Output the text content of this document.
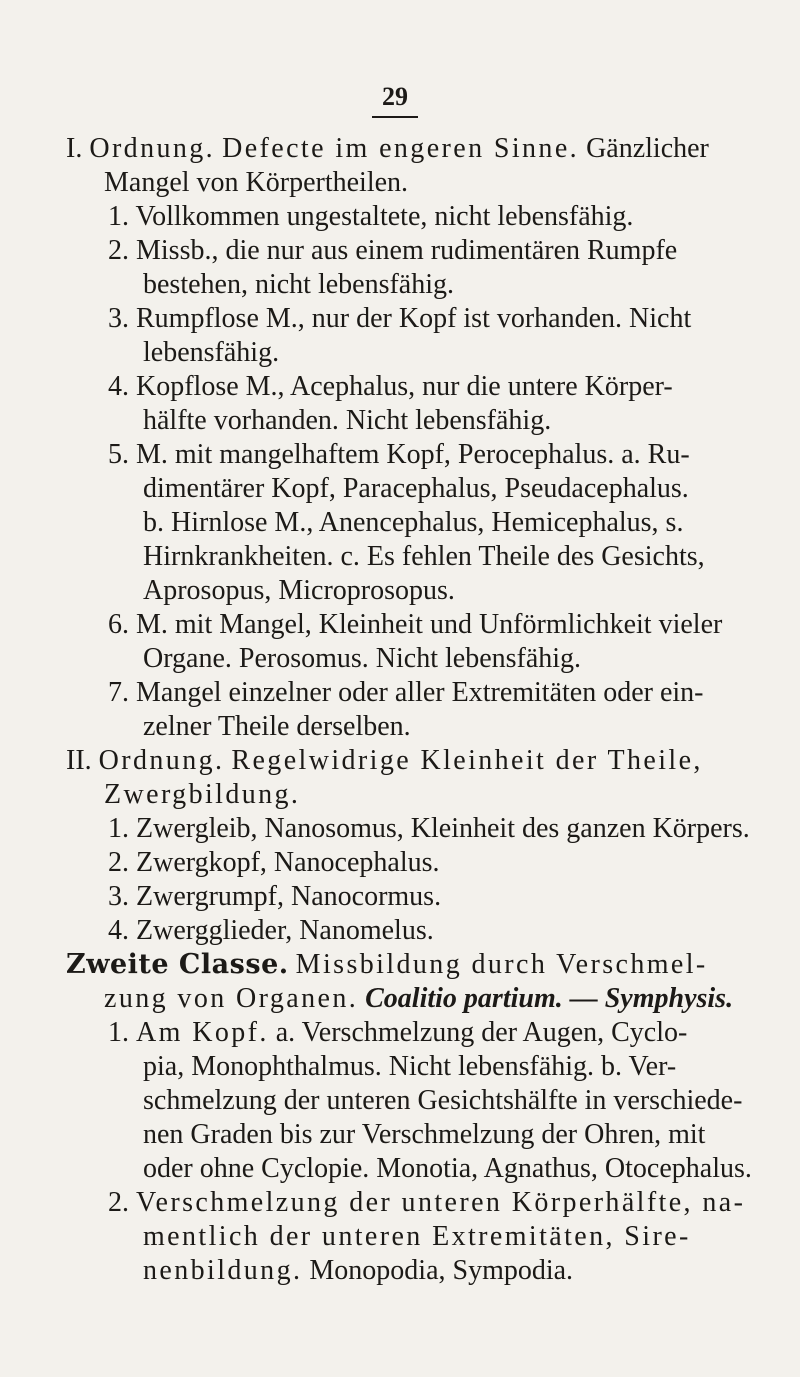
29
I. Ordnung. Defecte im engeren Sinne. Gänzlicher
Mangel von Körpertheilen.
1. Vollkommen ungestaltete, nicht lebensfähig.
2. Missb., die nur aus einem rudimentären Rumpfe
bestehen, nicht lebensfähig.
3. Rumpflose M., nur der Kopf ist vorhanden. Nicht
lebensfähig.
4. Kopflose M., Acephalus, nur die untere Körper-
hälfte vorhanden. Nicht lebensfähig.
5. M. mit mangelhaftem Kopf, Perocephalus. a. Ru-
dimentärer Kopf, Paracephalus, Pseudacephalus.
b. Hirnlose M., Anencephalus, Hemicephalus, s.
Hirnkrankheiten. c. Es fehlen Theile des Gesichts,
Aprosopus, Microprosopus.
6. M. mit Mangel, Kleinheit und Unförmlichkeit vieler
Organe. Perosomus. Nicht lebensfähig.
7. Mangel einzelner oder aller Extremitäten oder ein-
zelner Theile derselben.
II. Ordnung. Regelwidrige Kleinheit der Theile,
Zwergbildung.
1. Zwergleib, Nanosomus, Kleinheit des ganzen Körpers.
2. Zwergkopf, Nanocephalus.
3. Zwergrumpf, Nanocormus.
4. Zwergglieder, Nanomelus.
Zweite Classe. Missbildung durch Verschmel-
zung von Organen. Coalitio partium. — Symphysis.
1. Am Kopf. a. Verschmelzung der Augen, Cyclo-
pia, Monophthalmus. Nicht lebensfähig. b. Ver-
schmelzung der unteren Gesichtshälfte in verschiede-
nen Graden bis zur Verschmelzung der Ohren, mit
oder ohne Cyclopie. Monotia, Agnathus, Otocephalus.
2. Verschmelzung der unteren Körperhälfte, na-
mentlich der unteren Extremitäten, Sire-
nenbildung. Monopodia, Sympodia.
